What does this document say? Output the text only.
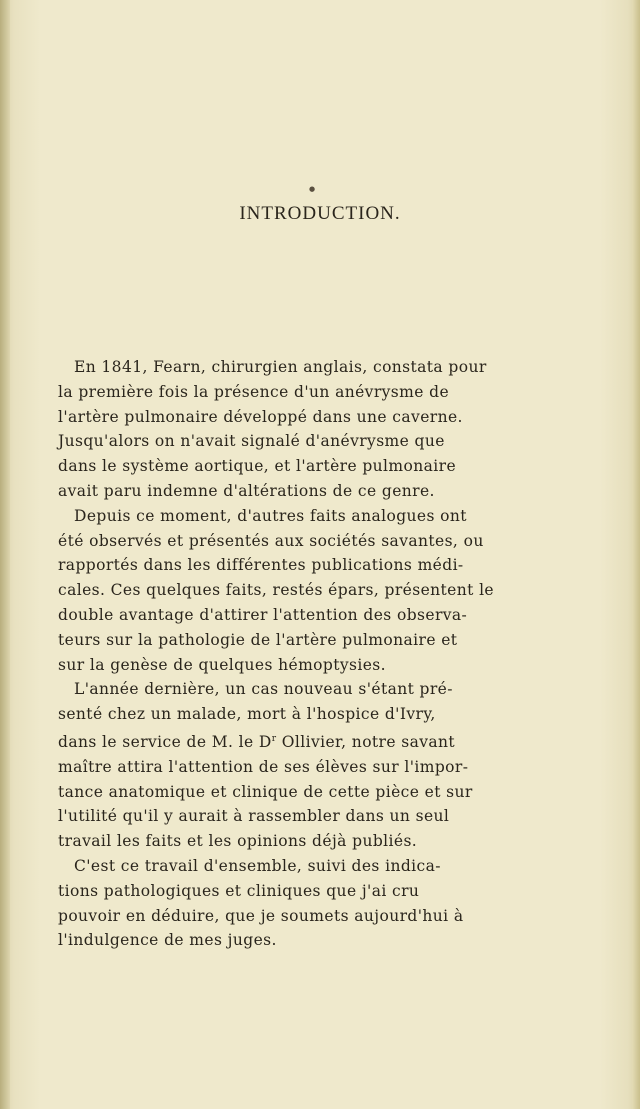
●
INTRODUCTION.
En 1841, Fearn, chirurgien anglais, constata pour
la première fois la présence d'un anévrysme de
l'artère pulmonaire développé dans une caverne.
Jusqu'alors on n'avait signalé d'anévrysme que
dans le système aortique, et l'artère pulmonaire
avait paru indemne d'altérations de ce genre.
Depuis ce moment, d'autres faits analogues ont
été observés et présentés aux sociétés savantes, ou
rapportés dans les différentes publications médi-
cales. Ces quelques faits, restés épars, présentent le
double avantage d'attirer l'attention des observa-
teurs sur la pathologie de l'artère pulmonaire et
sur la genèse de quelques hémoptysies.
L'année dernière, un cas nouveau s'étant pré-
senté chez un malade, mort à l'hospice d'Ivry,
dans le service de M. le $D^r$ Ollivier, notre savant
maître attira l'attention de ses élèves sur l'impor-
tance anatomique et clinique de cette pièce et sur
l'utilité qu'il y aurait à rassembler dans un seul
travail les faits et les opinions déjà publiés.
C'est ce travail d'ensemble, suivi des indica-
tions pathologiques et cliniques que j'ai cru
pouvoir en déduire, que je soumets aujourd'hui à
l'indulgence de mes juges.
